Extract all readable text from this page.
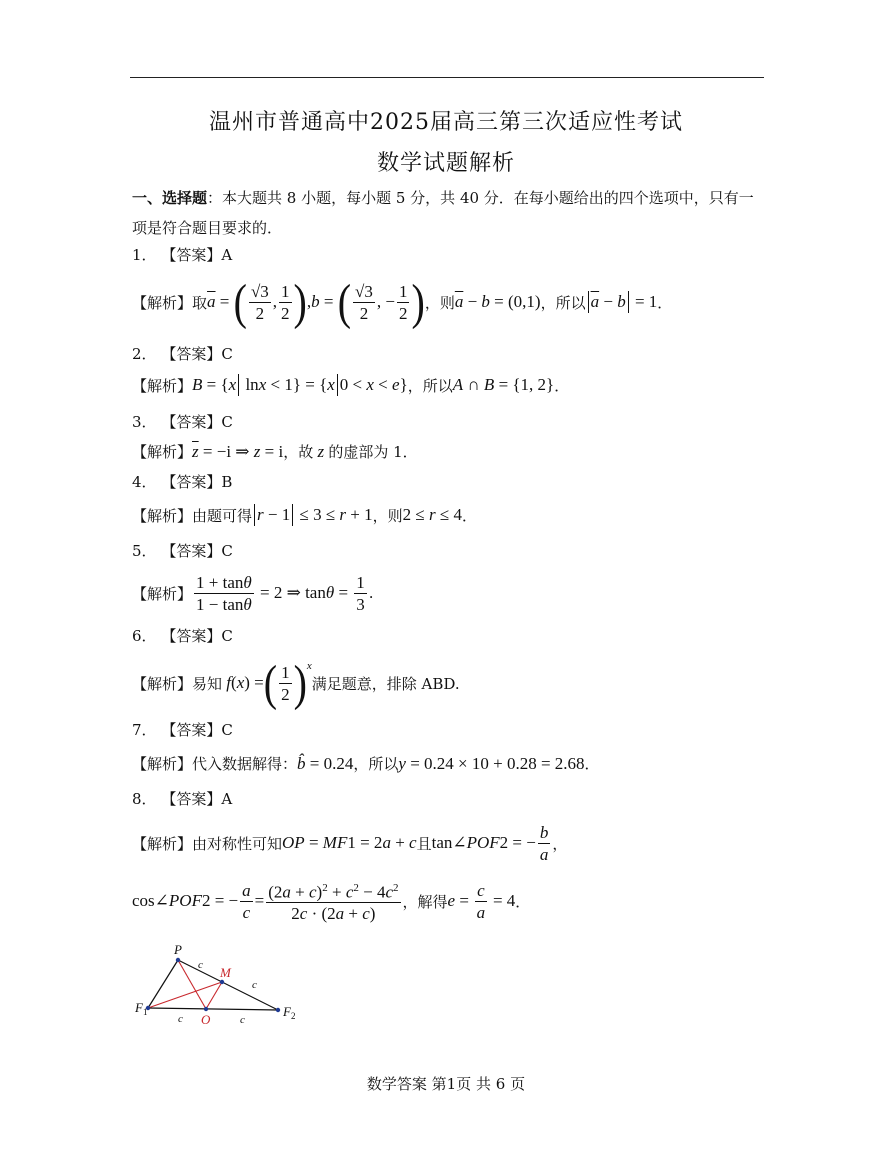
温州市普通高中2025届高三第三次适应性考试
数学试题解析
一、选择题：本大题共 8 小题，每小题 5 分，共 40 分．在每小题给出的四个选项中，只有一项是符合题目要求的．
1． 【答案】A
【解析】 取 $\overline{a}$ = ( $\frac{√3}{2}$ , $\frac{1}{2}$ ) , b = ( $\frac{√3}{2}$ , − $\frac{1}{2}$ ) ，则 $\overline{a} - b = (0,1)$ ，所以 $\overline{a} - b = 1$ ．
2． 【答案】C
【解析】 B = { x ln x < 1} = { x 0 < x < e } ，所以 A ∩ B = {1, 2} ．
3． 【答案】C
【解析】 $\overline{z} = -i$ ⇒ z = i ，故 z 的虚部为 1．
4． 【答案】B
【解析】 由题可得 r − 1 ≤ 3 ≤ r + 1 ，则 2 ≤ r ≤ 4 ．
5． 【答案】C
【解析】 $\frac{1 + \tan\theta}{1 - \tan\theta} = 2$ ⇒ $\tan \theta = \frac{1}{3}$ .
6． 【答案】C
【解析】 易知 f ( x ) = ( $\frac{1}{2} )^x$
满足题意，排除 ABD.
7． 【答案】C
【解析】 代入数据解得： b̂ = 0.24 ，所以 y = 0.24 × 10 + 0.28 = 2.68 ．
8． 【答案】A
【解析】 由对称性可知 OP = MF 1 = 2 a + c 且 tan∠ POF 2 = − $\frac{b}{a}$ ，
cos∠ POF 2 = − $\frac{a}{c} = \frac{(2a + c)^2 + c^2 - 4c^2}{2c \cdot (2a + c)}$ ，解得 $e = \frac{c}{a} = 4$ ．
P
M
F 1	O
F 2
c
c
c	c
数学答案 第1页 共 6 页
